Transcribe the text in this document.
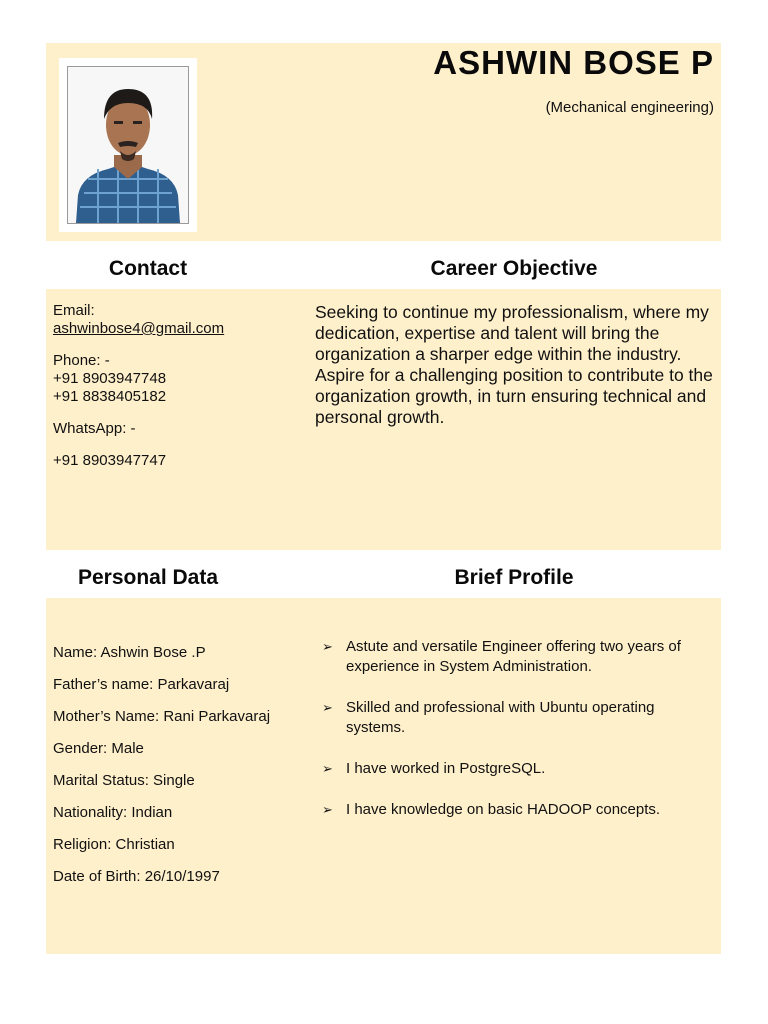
ASHWIN BOSE P

(Mechanical engineering)

Contact	Career Objective
Personal Data	Brief Profile

Email:
ashwinbose4@gmail.com

Phone: -
+91 8903947748
+91 8838405182

WhatsApp: -

+91 8903947747

Seeking to continue my professionalism, where my dedication, expertise and talent will bring the organization a sharper edge within the industry. Aspire for a challenging position to contribute to the organization growth, in turn ensuring technical and personal growth.

Name: Ashwin Bose .P

Father’s name: Parkavaraj

Mother’s Name: Rani Parkavaraj

Gender: Male

Marital Status: Single

Nationality: Indian

Religion: Christian

Date of Birth: 26/10/1997

➢ Astute and versatile Engineer offering two years of experience in System Administration.
➢ Skilled and professional with Ubuntu operating systems.
➢ I have worked in PostgreSQL.
➢ I have knowledge on basic HADOOP concepts.
